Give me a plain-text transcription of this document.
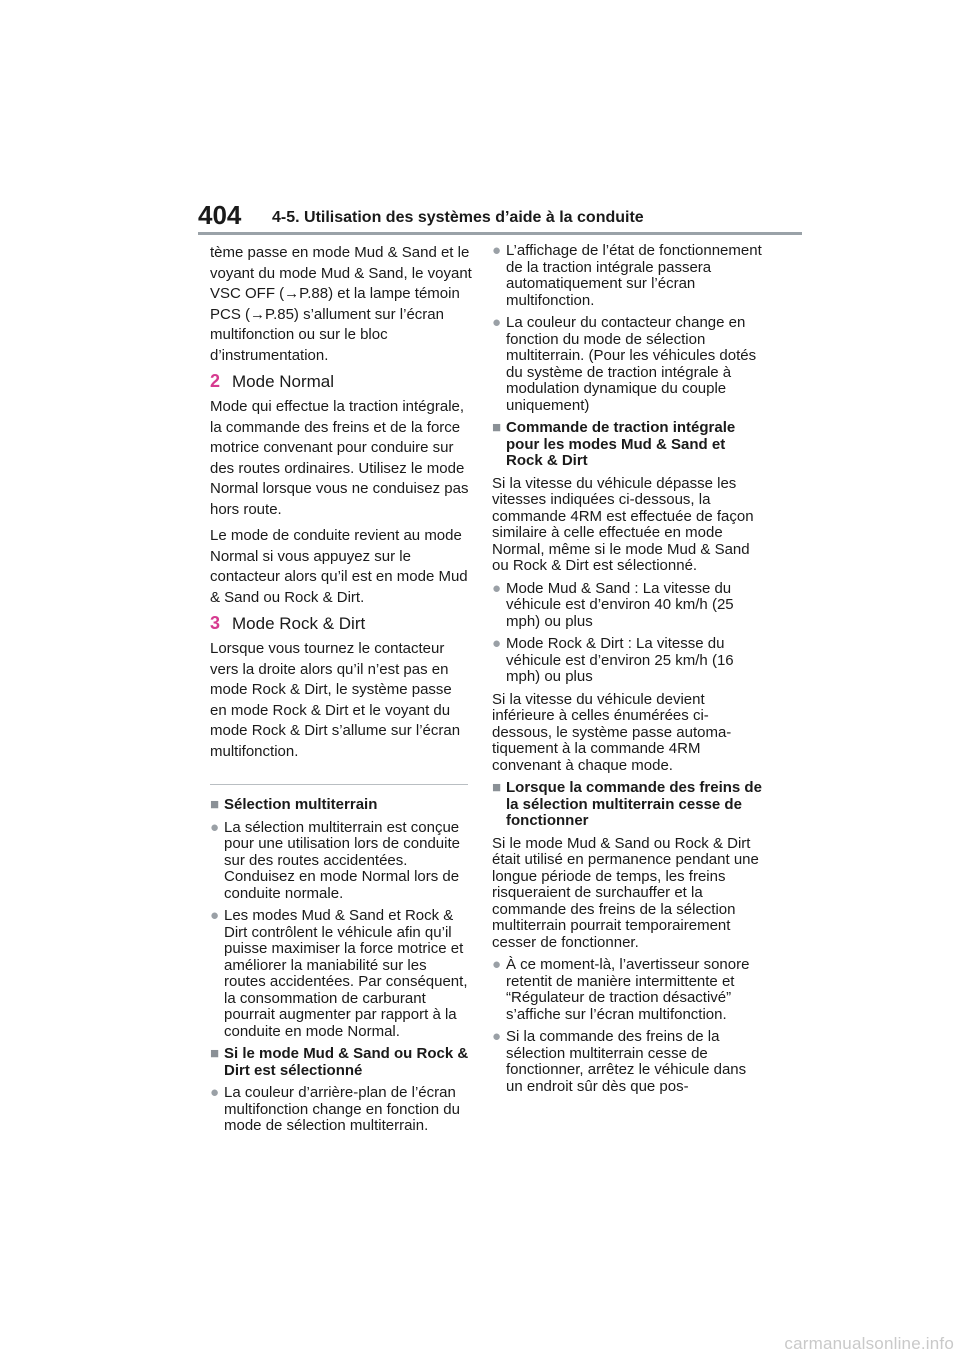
404 4-5. Utilisation des systèmes d’aide à la conduite

tème passe en mode Mud & Sand et le voyant du mode Mud & Sand, le voyant VSC OFF (→P.88) et la lampe témoin PCS (→P.85) s’allument sur l’écran multifonction ou sur le bloc d’instrumentation.

2 Mode Normal

Mode qui effectue la traction intégrale, la commande des freins et de la force motrice convenant pour conduire sur des routes ordinaires. Utilisez le mode Normal lorsque vous ne conduisez pas hors route.

Le mode de conduite revient au mode Normal si vous appuyez sur le contacteur alors qu’il est en mode Mud & Sand ou Rock & Dirt.

3 Mode Rock & Dirt

Lorsque vous tournez le contacteur vers la droite alors qu’il n’est pas en mode Rock & Dirt, le système passe en mode Rock & Dirt et le voyant du mode Rock & Dirt s’allume sur l’écran multifonction.

■ Sélection multiterrain
● La sélection multiterrain est conçue pour une utilisation lors de conduite sur des routes accidentées. Conduisez en mode Normal lors de conduite normale.
● Les modes Mud & Sand et Rock & Dirt contrôlent le véhicule afin qu’il puisse maximiser la force motrice et améliorer la maniabilité sur les routes accidentées. Par conséquent, la consommation de carburant pourrait augmenter par rapport à la conduite en mode Normal.
■ Si le mode Mud & Sand ou Rock & Dirt est sélectionné
● La couleur d’arrière-plan de l’écran multifonction change en fonction du mode de sélection multiterrain.
● L’affichage de l’état de fonctionnement de la traction intégrale passera automatiquement sur l’écran multifonction.
● La couleur du contacteur change en fonction du mode de sélection multiterrain. (Pour les véhicules dotés du système de traction intégrale à modulation dynamique du couple uniquement)
■ Commande de traction intégrale pour les modes Mud & Sand et Rock & Dirt

Si la vitesse du véhicule dépasse les vitesses indiquées ci-dessous, la commande 4RM est effectuée de façon similaire à celle effectuée en mode Normal, même si le mode Mud & Sand ou Rock & Dirt est sélectionné.

● Mode Mud & Sand : La vitesse du véhicule est d’environ 40 km/h (25 mph) ou plus
● Mode Rock & Dirt : La vitesse du véhicule est d’environ 25 km/h (16 mph) ou plus

Si la vitesse du véhicule devient inférieure à celles énumérées ci-dessous, le système passe automatiquement à la commande 4RM convenant à chaque mode.

■ Lorsque la commande des freins de la sélection multiterrain cesse de fonctionner

Si le mode Mud & Sand ou Rock & Dirt était utilisé en permanence pendant une longue période de temps, les freins risqueraient de surchauffer et la commande des freins de la sélection multiterrain pourrait temporairement cesser de fonctionner.

● À ce moment-là, l’avertisseur sonore retentit de manière intermittente et “Régulateur de traction désactivé” s’affiche sur l’écran multifonction.
● Si la commande des freins de la sélection multiterrain cesse de fonctionner, arrêtez le véhicule dans un endroit sûr dès que pos-
carmanualsonline.info
